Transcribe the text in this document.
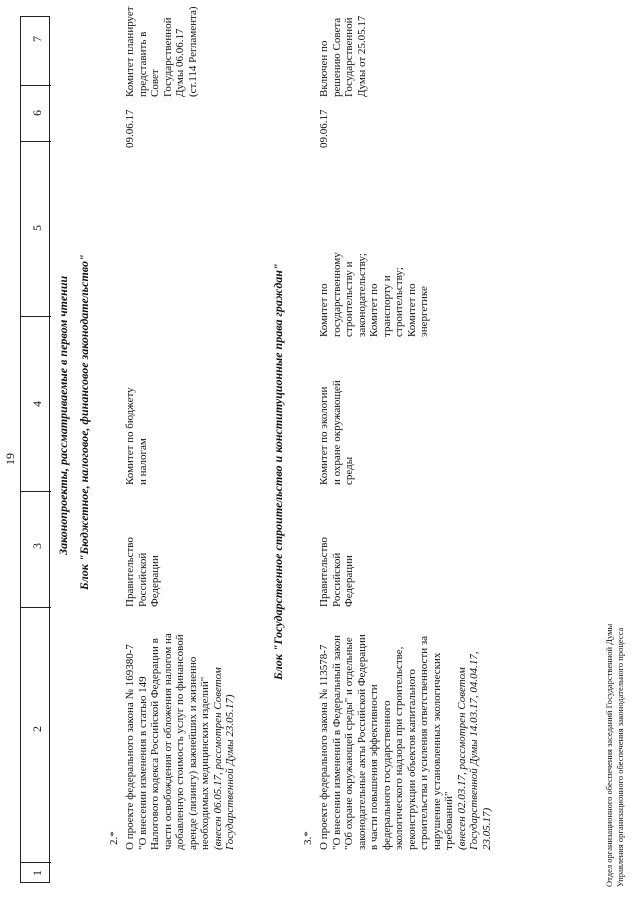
19
1
2
3
4
5
6
7
Законопроекты, рассматриваемые в первом чтении Блок "Бюджетное, налоговое, финансовое законодательство"
2.* О проекте федерального закона № 169380-7 "О внесении изменения в статью 149 Налогового кодекса Российской Федерации в части освобождения от обложения налогом на добавленную стоимость услуг по финансовой аренде (лизингу) важнейших и жизненно необходимых медицинских изделий" (внесен 06.05.17, рассмотрен Советом Государственной Думы 23.05.17)
Правительство Российской Федерации
Комитет по бюджету и налогам
09.06.17
Комитет планирует представить в Совет Государственной Думы 06.06.17 (ст.114 Регламента)
Блок "Государственное строительство и конституционные права граждан"
3.* О проекте федерального закона № 113578-7 "О внесении изменений в Федеральный закон "Об охране окружающей среды" и отдельные законодательные акты Российской Федерации в части повышения эффективности федерального государственного экологического надзора при строительстве, реконструкции объектов капитального строительства и усиления ответственности за нарушение установленных экологических требований" (внесен 02.03.17, рассмотрен Советом Государственной Думы 14.03.17, 04.04.17, 23.05.17)
Правительство Российской Федерации
Комитет по экологии и охране окружающей среды
Комитет по государственному строительству и законодательству; Комитет по транспорту и строительству; Комитет по энергетике
09.06.17
Включен по решению Совета Государственной Думы от 25.05.17
Отдел организационного обеспечения заседаний Государственной Думы Управления организационного обеспечения законодательного процесса
